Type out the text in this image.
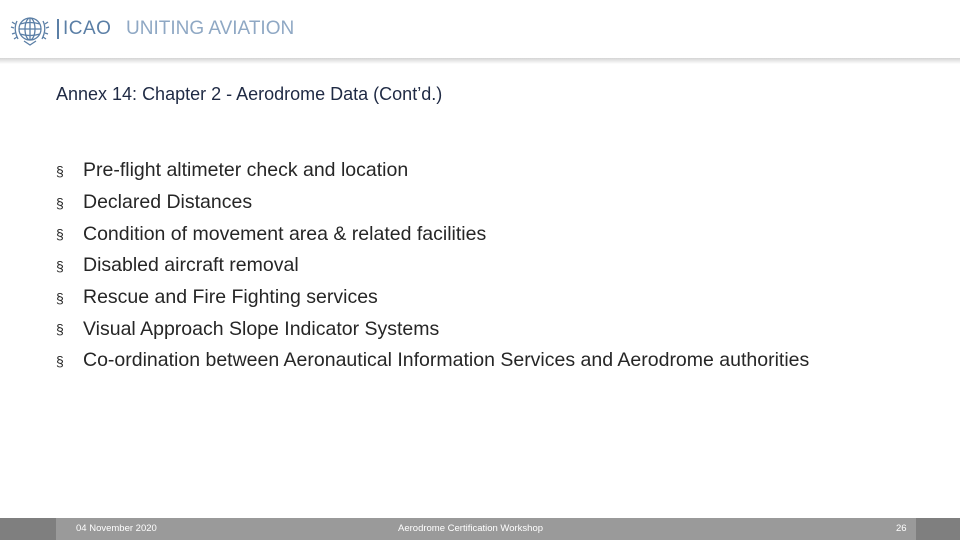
ICAO UNITING AVIATION
Annex 14: Chapter 2 - Aerodrome Data (Cont’d.)
§ Pre-flight altimeter check and location
§ Declared Distances
§ Condition of movement area & related facilities
§ Disabled aircraft removal
§ Rescue and Fire Fighting services
§ Visual Approach Slope Indicator Systems
§ Co-ordination between Aeronautical Information Services and Aerodrome authorities
04 November 2020	Aerodrome Certification Workshop	26
